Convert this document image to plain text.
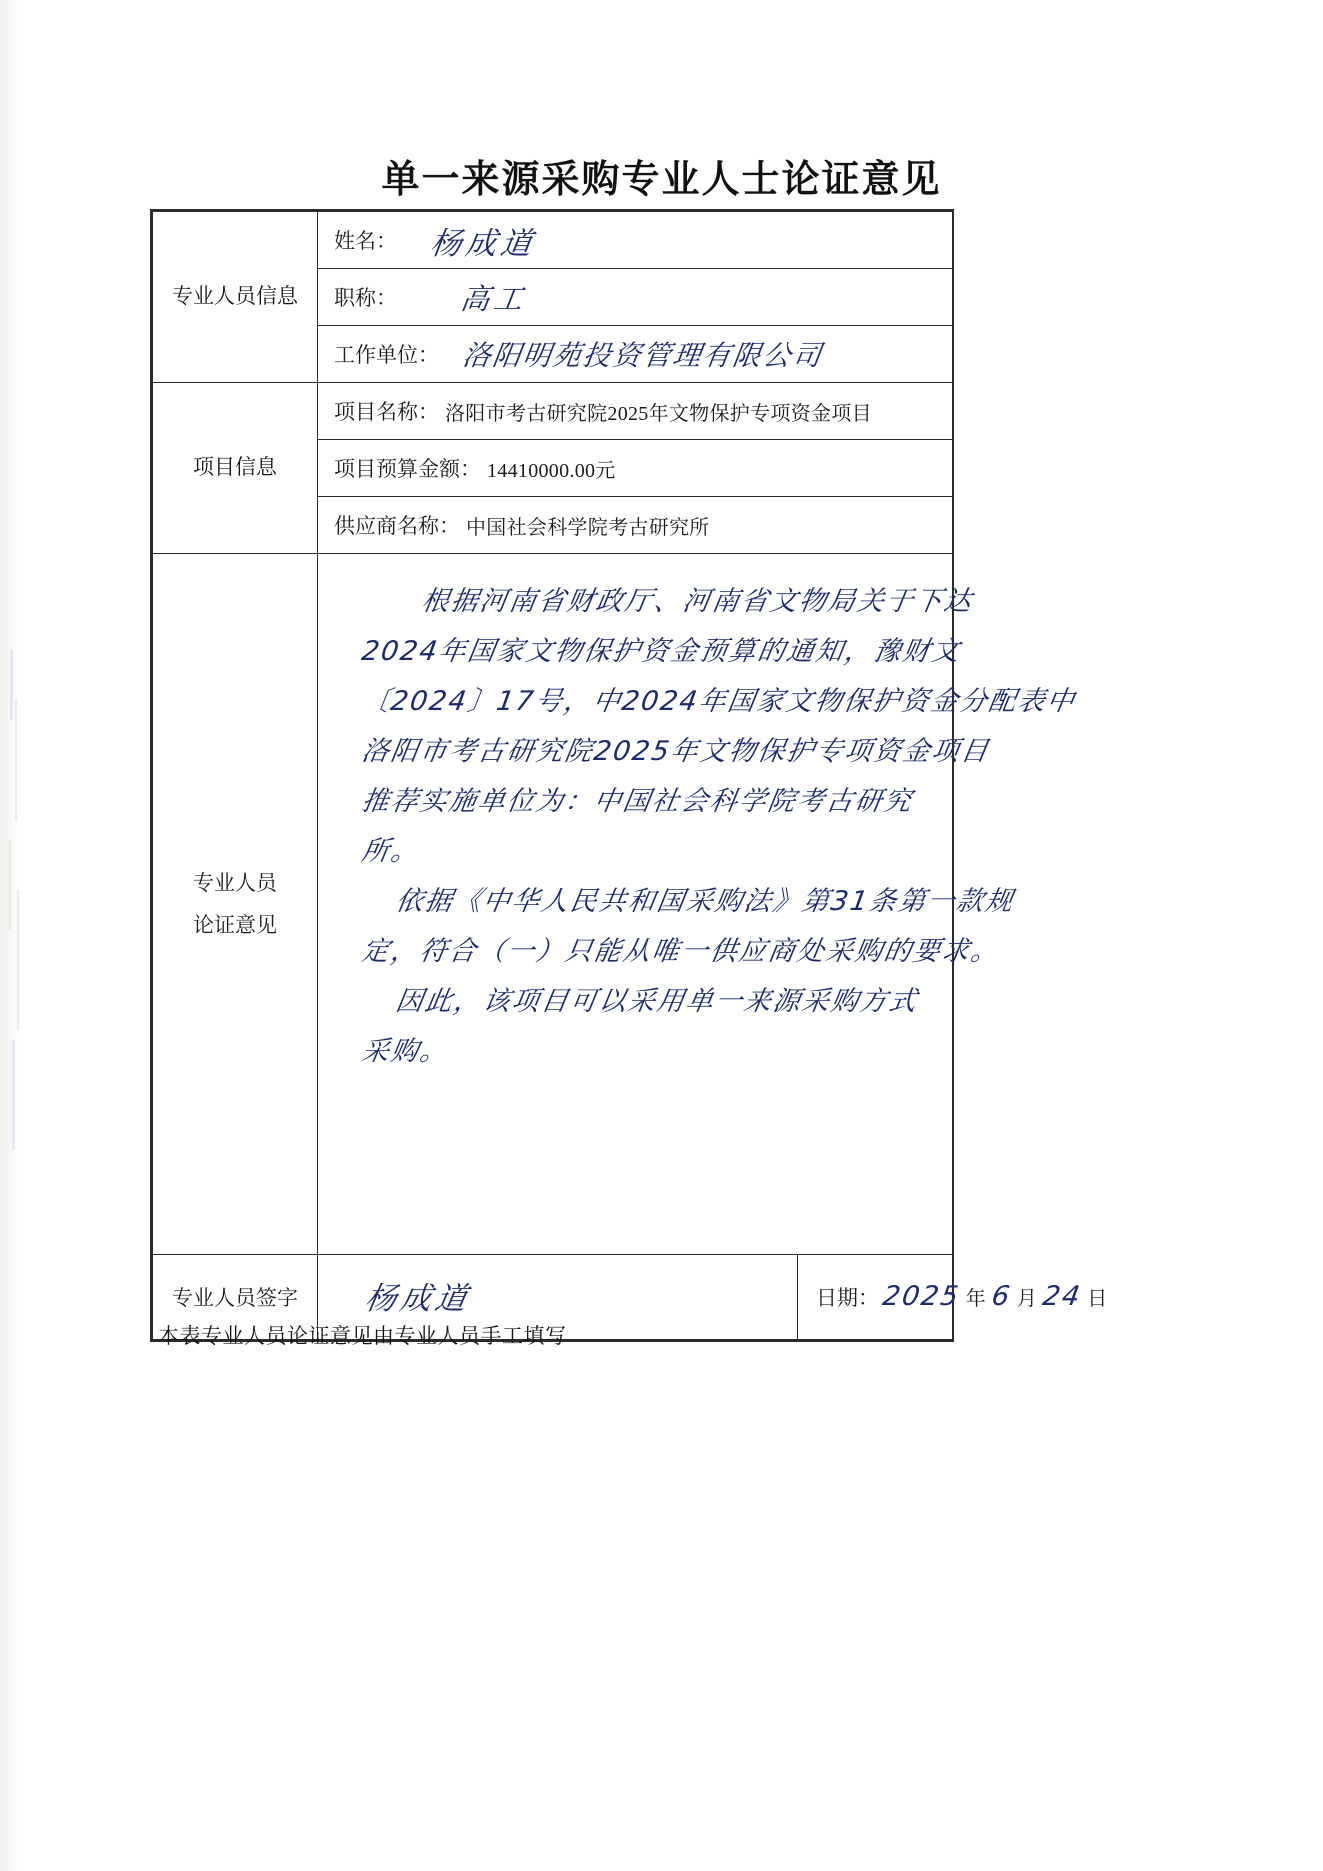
单一来源采购专业人士论证意见
专业人员信息	姓名： 杨成道	

	职称： 高工	

	工作单位： 洛阳明苑投资管理有限公司	

项目信息	项目名称： 洛阳市考古研究院2025年文物保护专项资金项目	

	项目预算金额： 14410000.00元	

	供应商名称： 中国社会科学院考古研究所	

专业人员
论证意见

根据河南省财政厅、河南省文物局关于下达
2024年国家文物保护资金预算的通知，豫财文
〔2024〕17号，中2024年国家文物保护资金分配表中
洛阳市考古研究院2025年文物保护专项资金项目
推荐实施单位为：中国社会科学院考古研究
所。
依据《中华人民共和国采购法》第31条第一款规
定，符合（一）只能从唯一供应商处采购的要求。
因此，该项目可以采用单一来源采购方式
采购。

专业人员签字	杨成道	日期： 2025 年 6 月 24 日
本表专业人员论证意见由专业人员手工填写
